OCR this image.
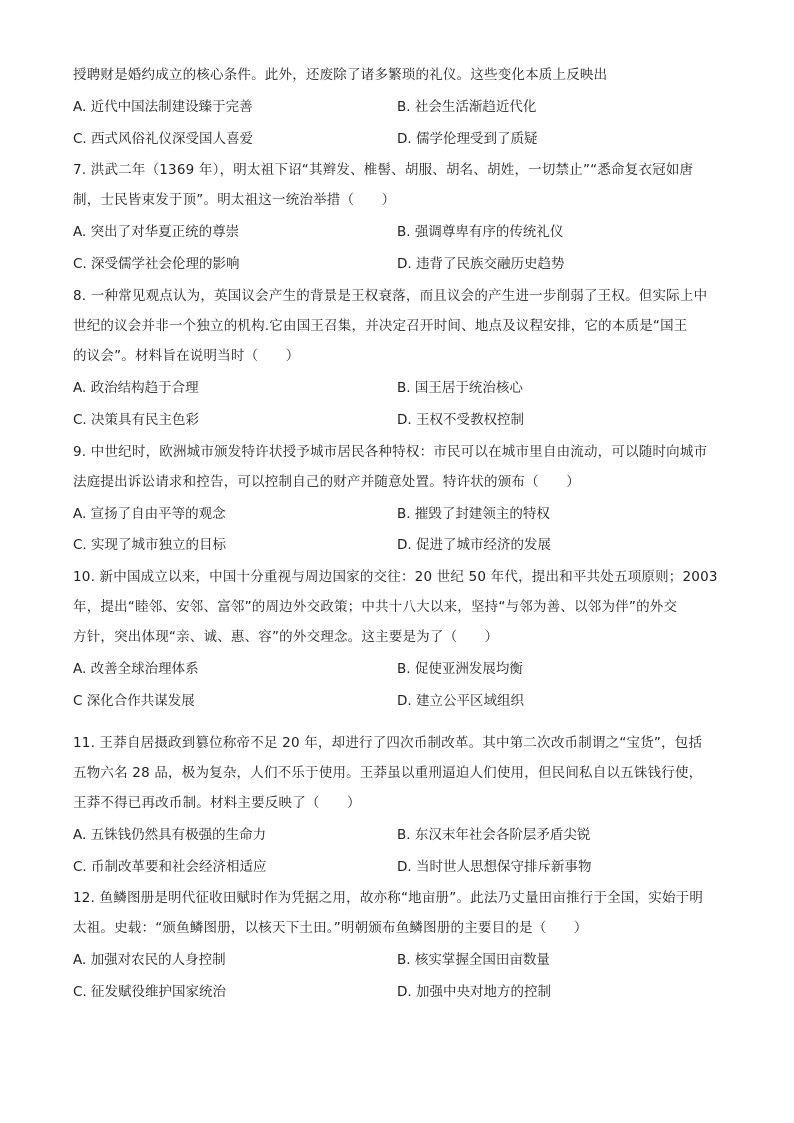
授聘财是婚约成立的核心条件。此外，还废除了诸多繁琐的礼仪。这些变化本质上反映出
A. 近代中国法制建设臻于完善	B. 社会生活渐趋近代化
C. 西式风俗礼仪深受国人喜爱	D. 儒学伦理受到了质疑
7. 洪武二年（1369 年），明太祖下诏“其辫发、椎髻、胡服、胡名、胡姓，一切禁止”“悉命复衣冠如唐
制，士民皆束发于顶”。明太祖这一统治举措（　　）
A. 突出了对华夏正统的尊崇	B. 强调尊卑有序的传统礼仪
C. 深受儒学社会伦理的影响	D. 违背了民族交融历史趋势
8. 一种常见观点认为，英国议会产生的背景是王权衰落，而且议会的产生进一步削弱了王权。但实际上中
世纪的议会并非一个独立的机构.它由国王召集，并决定召开时间、地点及议程安排，它的本质是“国王
的议会”。材料旨在说明当时（　　）
A. 政治结构趋于合理	B. 国王居于统治核心
C. 决策具有民主色彩	D. 王权不受教权控制
9. 中世纪时，欧洲城市颁发特许状授予城市居民各种特权：市民可以在城市里自由流动，可以随时向城市
法庭提出诉讼请求和控告，可以控制自己的财产并随意处置。特许状的颁布（　　）
A. 宣扬了自由平等的观念	B. 摧毁了封建领主的特权
C. 实现了城市独立的目标	D. 促进了城市经济的发展
10. 新中国成立以来，中国十分重视与周边国家的交往：20 世纪 50 年代，提出和平共处五项原则；2003
年，提出“睦邻、安邻、富邻”的周边外交政策；中共十八大以来，坚持“与邻为善、以邻为伴”的外交
方针，突出体现“亲、诚、惠、容”的外交理念。这主要是为了（　　）
A. 改善全球治理体系	B. 促使亚洲发展均衡
C 深化合作共谋发展	D. 建立公平区域组织
11. 王莽自居摄政到篡位称帝不足 20 年，却进行了四次币制改革。其中第二次改币制谓之“宝货”，包括
五物六名 28 品，极为复杂，人们不乐于使用。王莽虽以重刑逼迫人们使用，但民间私自以五铢钱行使，
王莽不得已再改币制。材料主要反映了（　　）
A. 五铢钱仍然具有极强的生命力	B. 东汉末年社会各阶层矛盾尖锐
C. 币制改革要和社会经济相适应	D. 当时世人思想保守排斥新事物
12. 鱼鳞图册是明代征收田赋时作为凭据之用，故亦称“地亩册”。此法乃丈量田亩推行于全国，实始于明
太祖。史载：“颁鱼鳞图册，以核天下土田。”明朝颁布鱼鳞图册的主要目的是（　　）
A. 加强对农民的人身控制	B. 核实掌握全国田亩数量
C. 征发赋役维护国家统治	D. 加强中央对地方的控制
